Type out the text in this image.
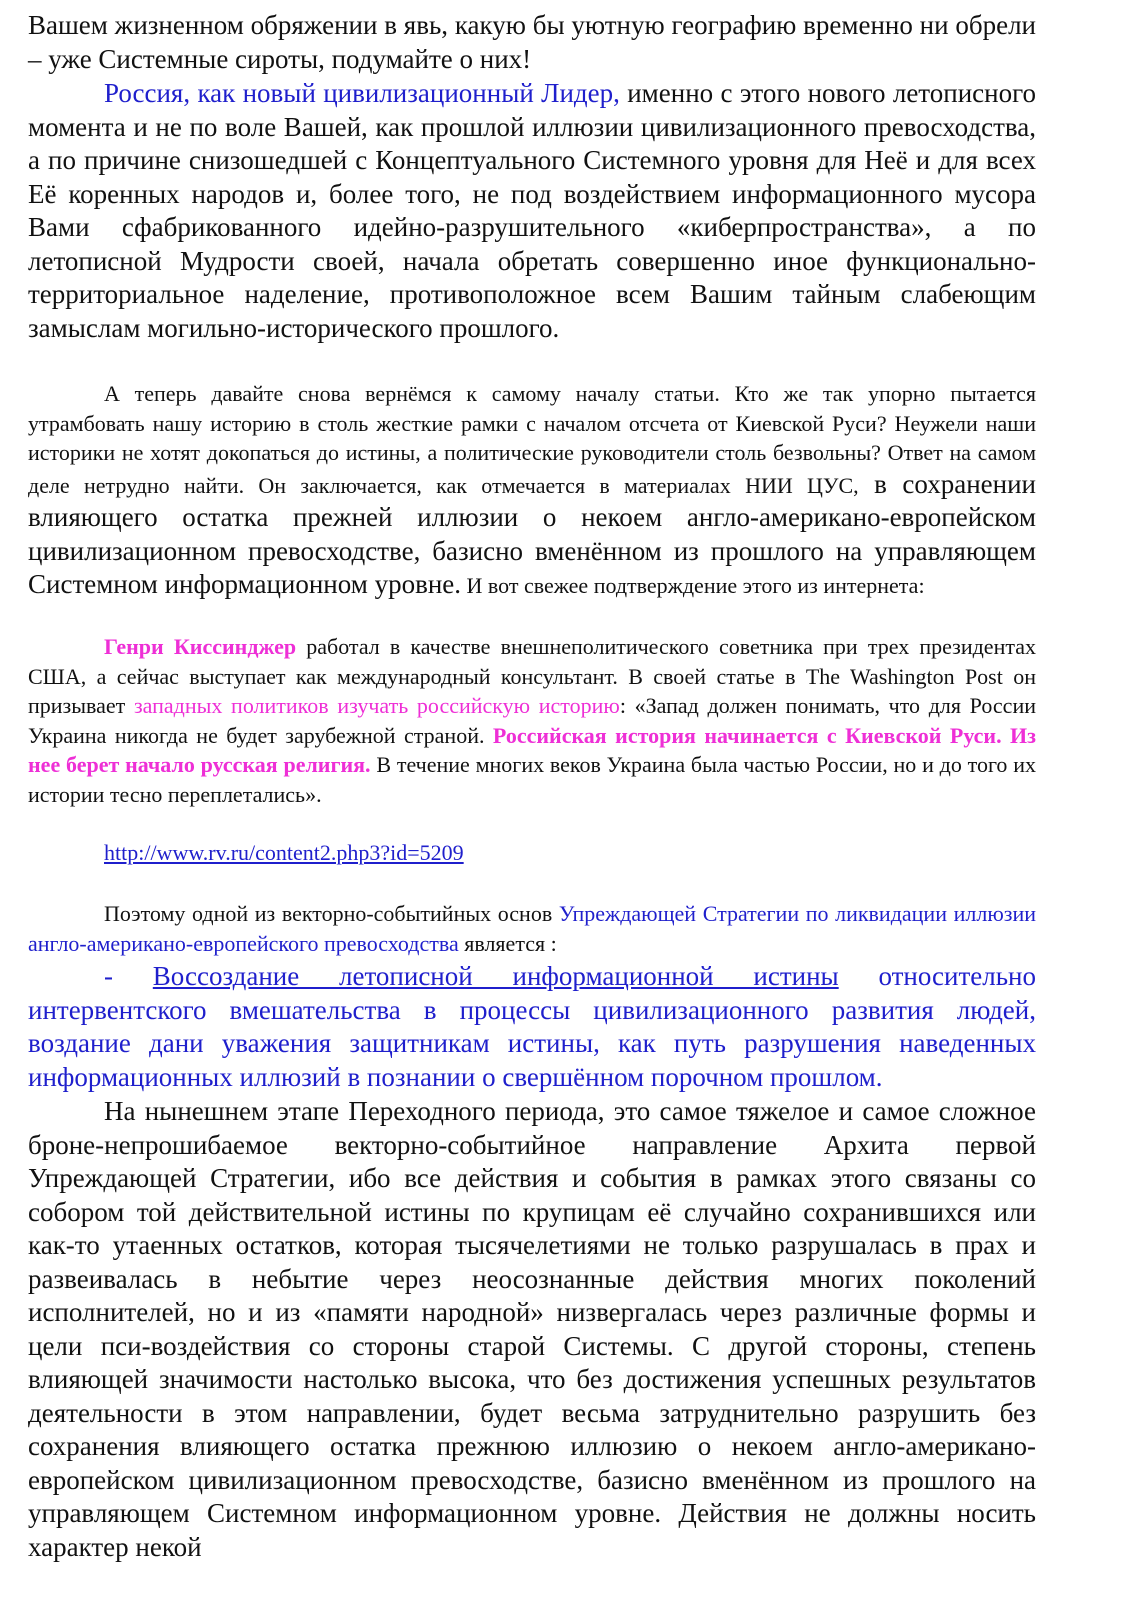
Вашем жизненном обряжении в явь, какую бы уютную географию временно ни обрели – уже Системные сироты, подумайте о них!

Россия, как новый цивилизационный Лидер, именно с этого нового летописного момента и не по воле Вашей, как прошлой иллюзии цивилизационного превосходства, а по причине снизошедшей с Концептуального Системного уровня для Неё и для всех Её коренных народов и, более того, не под воздействием информационного мусора Вами сфабрикованного идейно-разрушительного «киберпространства», а по летописной Мудрости своей, начала обретать совершенно иное функционально-территориальное наделение, противоположное всем Вашим тайным слабеющим замыслам могильно-исторического прошлого.

А теперь давайте снова вернёмся к самому началу статьи. Кто же так упорно пытается утрамбовать нашу историю в столь жесткие рамки с началом отсчета от Киевской Руси? Неужели наши историки не хотят докопаться до истины, а политические руководители столь безвольны? Ответ на самом деле нетрудно найти. Он заключается, как отмечается в материалах НИИ ЦУС, в сохранении влияющего остатка прежней иллюзии о некоем англо-американо-европейском цивилизационном превосходстве, базисно вменённом из прошлого на управляющем Системном информационном уровне. И вот свежее подтверждение этого из интернета:

Генри Киссинджер работал в качестве внешнеполитического советника при трех президентах США, а сейчас выступает как международный консультант. В своей статье в The Washington Post он призывает западных политиков изучать российскую историю: «Запад должен понимать, что для России Украина никогда не будет зарубежной страной. Российская история начинается с Киевской Руси. Из нее берет начало русская религия. В течение многих веков Украина была частью России, но и до того их истории тесно переплетались».

http://www.rv.ru/content2.php3?id=5209

Поэтому одной из векторно-событийных основ Упреждающей Стратегии по ликвидации иллюзии англо-американо-европейского превосходства является :

- Воссоздание летописной информационной истины относительно интервентского вмешательства в процессы цивилизационного развития людей, воздание дани уважения защитникам истины, как путь разрушения наведенных информационных иллюзий в познании о свершённом порочном прошлом.

На нынешнем этапе Переходного периода, это самое тяжелое и самое сложное броне-непрошибаемое векторно-событийное направление Архита первой Упреждающей Стратегии, ибо все действия и события в рамках этого связаны со собором той действительной истины по крупицам её случайно сохранившихся или как-то утаенных остатков, которая тысячелетиями не только разрушалась в прах и развеивалась в небытие через неосознанные действия многих поколений исполнителей, но и из «памяти народной» низвергалась через различные формы и цели пси-воздействия со стороны старой Системы. С другой стороны, степень влияющей значимости настолько высока, что без достижения успешных результатов деятельности в этом направлении, будет весьма затруднительно разрушить без сохранения влияющего остатка прежнюю иллюзию о некоем англо-американо-европейском цивилизационном превосходстве, базисно вменённом из прошлого на управляющем Системном информационном уровне. Действия не должны носить характер некой
